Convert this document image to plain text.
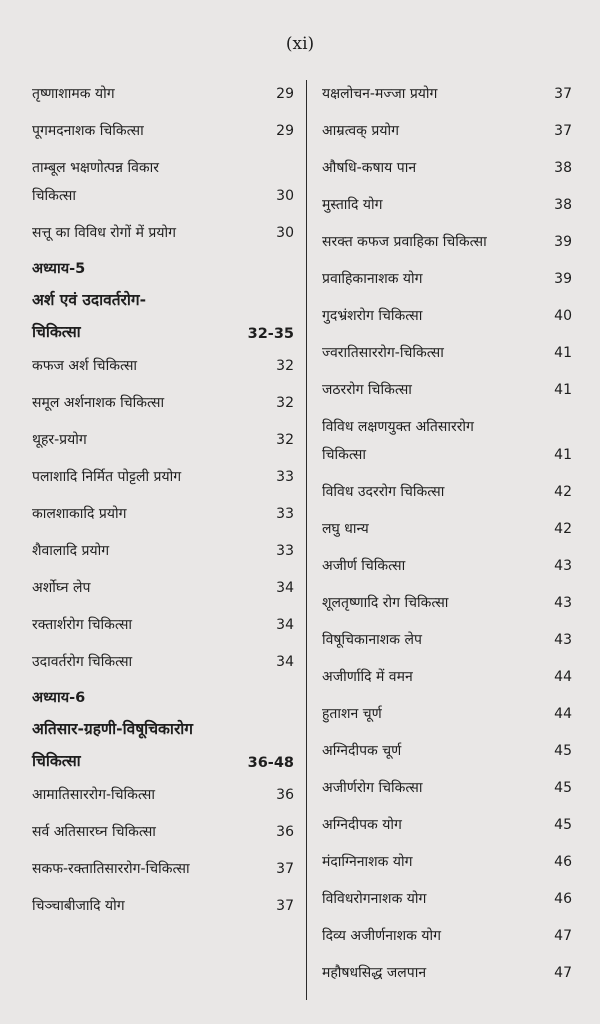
(xi)
तृष्णाशामक योग	29
पूगमदनाशक चिकित्सा	29
ताम्बूल भक्षणोत्पन्न विकार
चिकित्सा	30
सत्तू का विविध रोगों में प्रयोग	30
अध्याय-5
अर्श एवं उदावर्तरोग-
चिकित्सा	32-35
कफज अर्श चिकित्सा	32
समूल अर्शनाशक चिकित्सा	32
थूहर-प्रयोग	32
पलाशादि निर्मित पोट्टली प्रयोग	33
कालशाकादि प्रयोग	33
शैवालादि प्रयोग	33
अर्शोघ्न लेप	34
रक्तार्शरोग चिकित्सा	34
उदावर्तरोग चिकित्सा	34
अध्याय-6
अतिसार-ग्रहणी-विषूचिकारोग
चिकित्सा	36-48
आमातिसाररोग-चिकित्सा	36
सर्व अतिसारघ्न चिकित्सा	36
सकफ-रक्तातिसाररोग-चिकित्सा	37
चिञ्चाबीजादि योग	37
यक्षलोचन-मज्जा प्रयोग	37
आम्रत्वक् प्रयोग	37
औषधि-कषाय पान	38
मुस्तादि योग	38
सरक्त कफज प्रवाहिका चिकित्सा	39
प्रवाहिकानाशक योग	39
गुदभ्रंशरोग चिकित्सा	40
ज्वरातिसाररोग-चिकित्सा	41
जठररोग चिकित्सा	41
विविध लक्षणयुक्त अतिसाररोग
चिकित्सा	41
विविध उदररोग चिकित्सा	42
लघु धान्य	42
अजीर्ण चिकित्सा	43
शूलतृष्णादि रोग चिकित्सा	43
विषूचिकानाशक लेप	43
अजीर्णादि में वमन	44
हुताशन चूर्ण	44
अग्निदीपक चूर्ण	45
अजीर्णरोग चिकित्सा	45
अग्निदीपक योग	45
मंदाग्निनाशक योग	46
विविधरोगनाशक योग	46
दिव्य अजीर्णनाशक योग	47
महौषधसिद्ध जलपान	47
